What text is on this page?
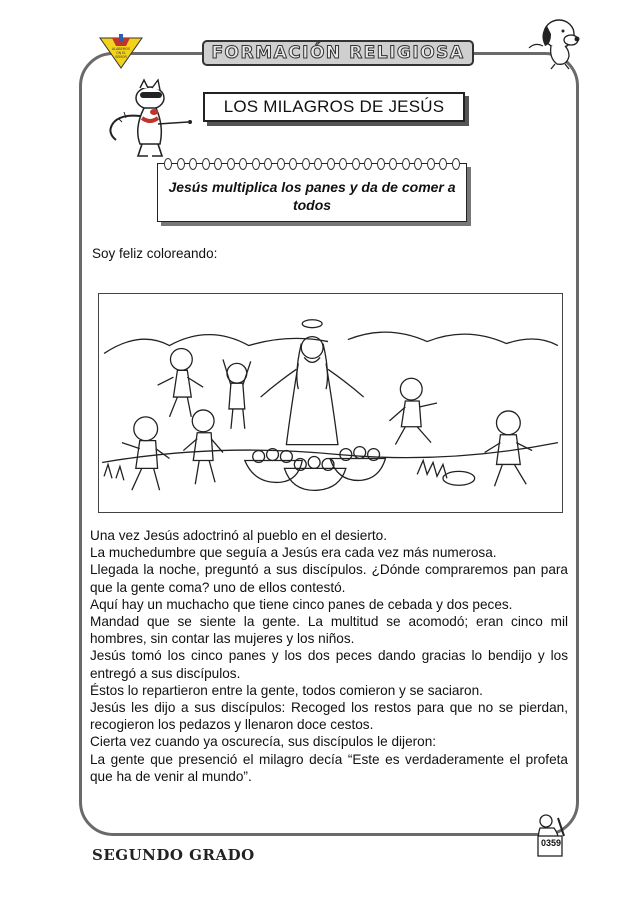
ALABEMOS
ON EL
SEÑOR	FORMACIÓN RELIGIOSA
LOS MILAGROS DE JESÚS
Jesús multiplica los panes y da de comer a todos
Soy feliz coloreando:

Una vez Jesús adoctrinó al pueblo en el desierto.

La muchedumbre que seguía a Jesús era cada vez más numerosa.

Llegada la noche, preguntó a sus discípulos. ¿Dónde compraremos pan para que la gente coma? uno de ellos contestó.

Aquí hay un muchacho que tiene cinco panes de cebada y dos peces.

Mandad que se siente la gente. La multitud se acomodó; eran cinco mil hombres, sin contar las mujeres y los niños.

Jesús tomó los cinco panes y los dos peces dando gracias lo bendijo y los entregó a sus discípulos.

Éstos lo repartieron entre la gente, todos comieron y se saciaron.

Jesús les dijo a sus discípulos: Recoged los restos para que no se pierdan, recogieron los pedazos y llenaron doce cestos.

Cierta vez cuando ya oscurecía, sus discípulos le dijeron:

La gente que presenció el milagro decía “Este es verdaderamente el profeta que ha de venir al mundo”.

SEGUNDO GRADO
0359
